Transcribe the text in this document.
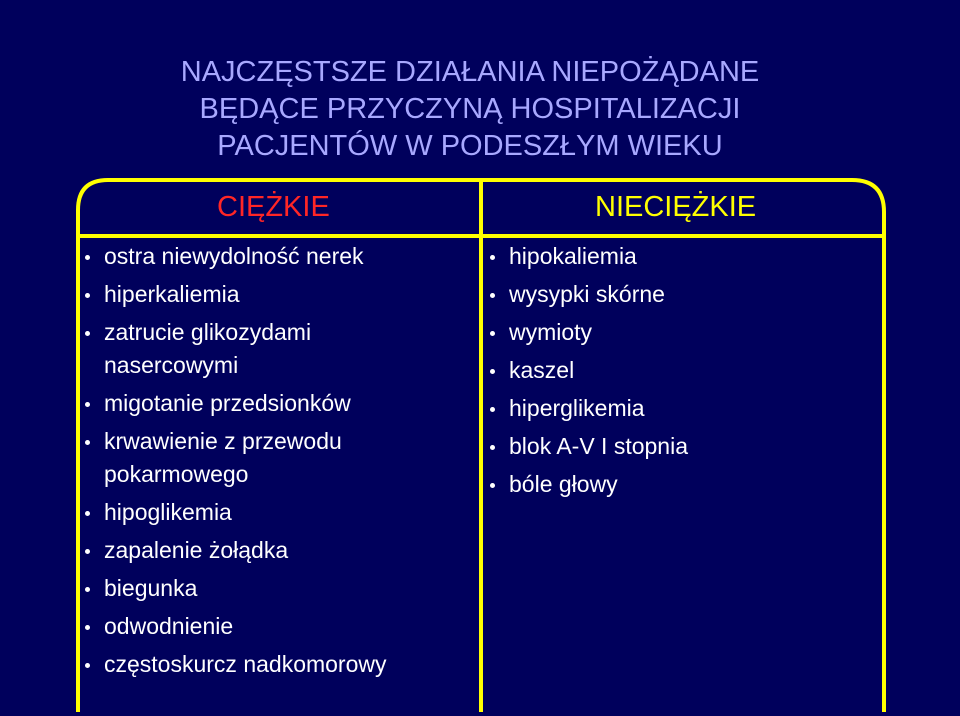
NAJCZĘSTSZE DZIAŁANIA NIEPOŻĄDANE
BĘDĄCE PRZYCZYNĄ HOSPITALIZACJI
PACJENTÓW W PODESZŁYM WIEKU
CIĘŻKIE	NIECIĘŻKIE
ostra niewydolność nerek
hiperkaliemia
zatrucie glikozydami
nasercowymi
migotanie przedsionków
krwawienie z przewodu
pokarmowego
hipoglikemia
zapalenie żołądka
biegunka
odwodnienie
częstoskurcz nadkomorowy
hipokaliemia
wysypki skórne
wymioty
kaszel
hiperglikemia
blok A-V I stopnia
bóle głowy
